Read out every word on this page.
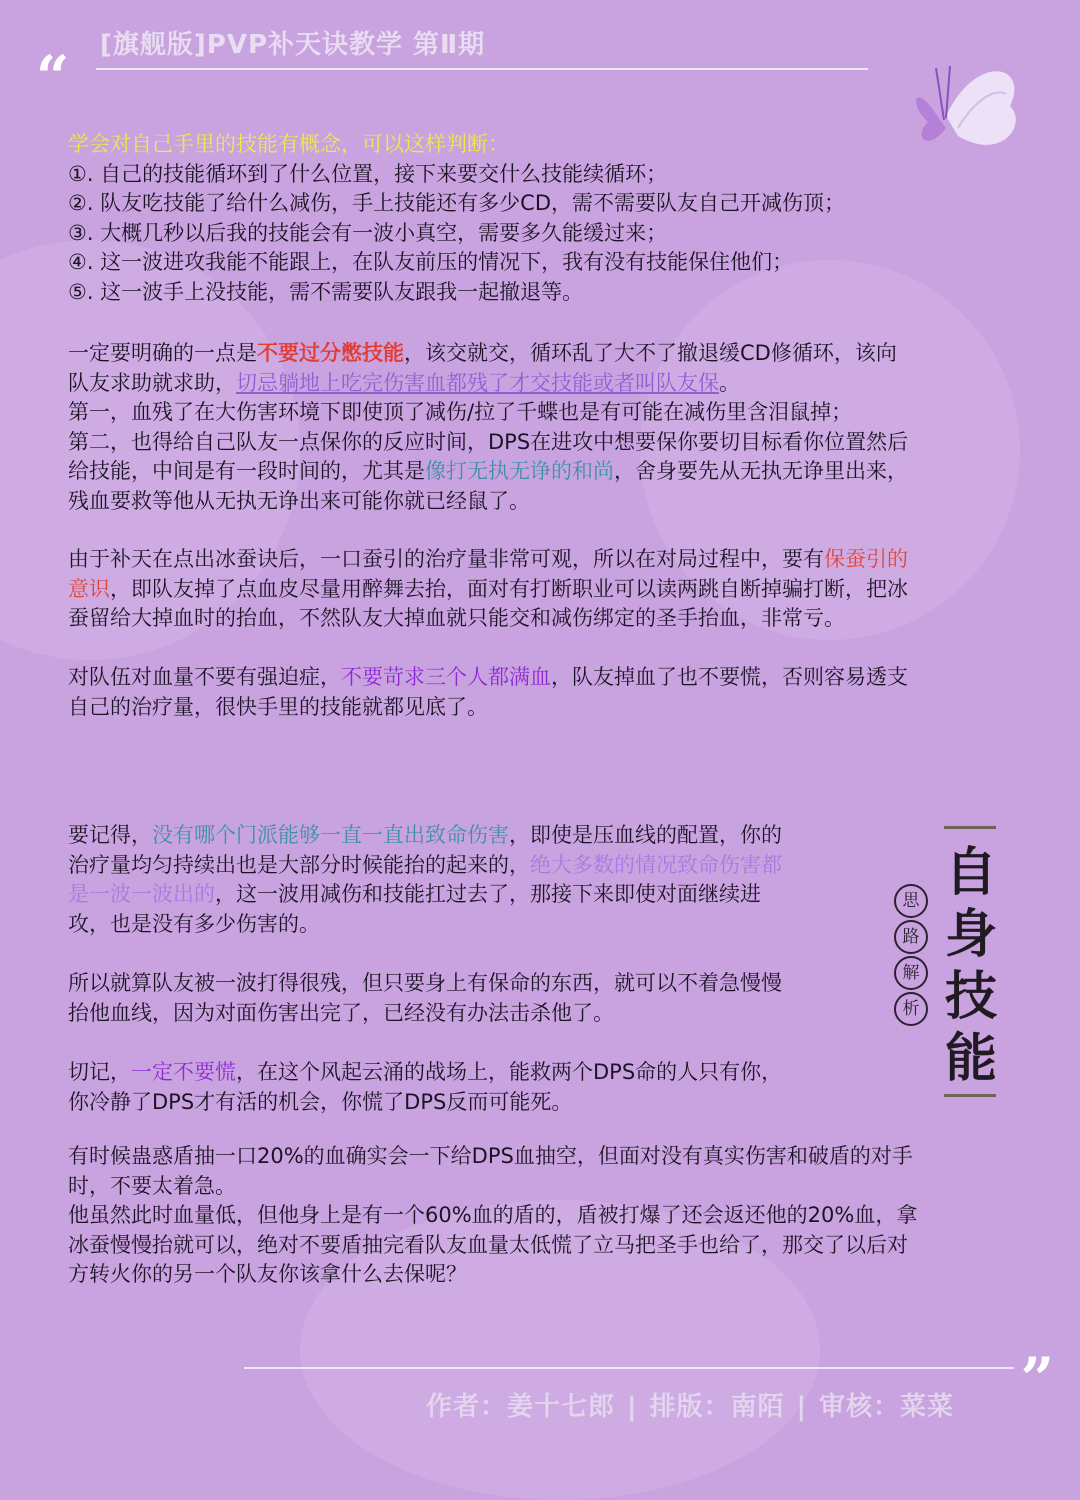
[旗舰版]PVP补天诀教学 第Ⅱ期
“

学会对自己手里的技能有概念，可以这样判断：

①. 自己的技能循环到了什么位置，接下来要交什么技能续循环；

②. 队友吃技能了给什么减伤，手上技能还有多少CD，需不需要队友自己开减伤顶；

③. 大概几秒以后我的技能会有一波小真空，需要多久能缓过来；

④. 这一波进攻我能不能跟上，在队友前压的情况下，我有没有技能保住他们；

⑤. 这一波手上没技能，需不需要队友跟我一起撤退等。

一定要明确的一点是不要过分憋技能，该交就交，循环乱了大不了撤退缓CD修循环，该向

队友求助就求助，切忌躺地上吃完伤害血都残了才交技能或者叫队友保。

第一，血残了在大伤害环境下即使顶了减伤/拉了千蝶也是有可能在减伤里含泪鼠掉；

第二，也得给自己队友一点保你的反应时间，DPS在进攻中想要保你要切目标看你位置然后

给技能，中间是有一段时间的，尤其是像打无执无诤的和尚，舍身要先从无执无诤里出来，

残血要救等他从无执无诤出来可能你就已经鼠了。

由于补天在点出冰蚕诀后，一口蚕引的治疗量非常可观，所以在对局过程中，要有保蚕引的

意识，即队友掉了点血皮尽量用醉舞去抬，面对有打断职业可以读两跳自断掉骗打断，把冰

蚕留给大掉血时的抬血，不然队友大掉血就只能交和减伤绑定的圣手抬血，非常亏。

对队伍对血量不要有强迫症，不要苛求三个人都满血，队友掉血了也不要慌，否则容易透支

自己的治疗量，很快手里的技能就都见底了。

要记得，没有哪个门派能够一直一直出致命伤害，即使是压血线的配置，你的

治疗量均匀持续出也是大部分时候能抬的起来的，绝大多数的情况致命伤害都

是一波一波出的，这一波用减伤和技能扛过去了，那接下来即使对面继续进

攻，也是没有多少伤害的。

所以就算队友被一波打得很残，但只要身上有保命的东西，就可以不着急慢慢

抬他血线，因为对面伤害出完了，已经没有办法击杀他了。

切记，一定不要慌，在这个风起云涌的战场上，能救两个DPS命的人只有你，

你冷静了DPS才有活的机会，你慌了DPS反而可能死。

有时候蛊惑盾抽一口20%的血确实会一下给DPS血抽空，但面对没有真实伤害和破盾的对手

时，不要太着急。

他虽然此时血量低，但他身上是有一个60%血的盾的，盾被打爆了还会返还他的20%血，拿

冰蚕慢慢抬就可以，绝对不要盾抽完看队友血量太低慌了立马把圣手也给了，那交了以后对

方转火你的另一个队友你该拿什么去保呢？

自
身
技
能
思
路
解
析
”
作者：姜十七郎 | 排版：南陌 | 审核：菜菜
